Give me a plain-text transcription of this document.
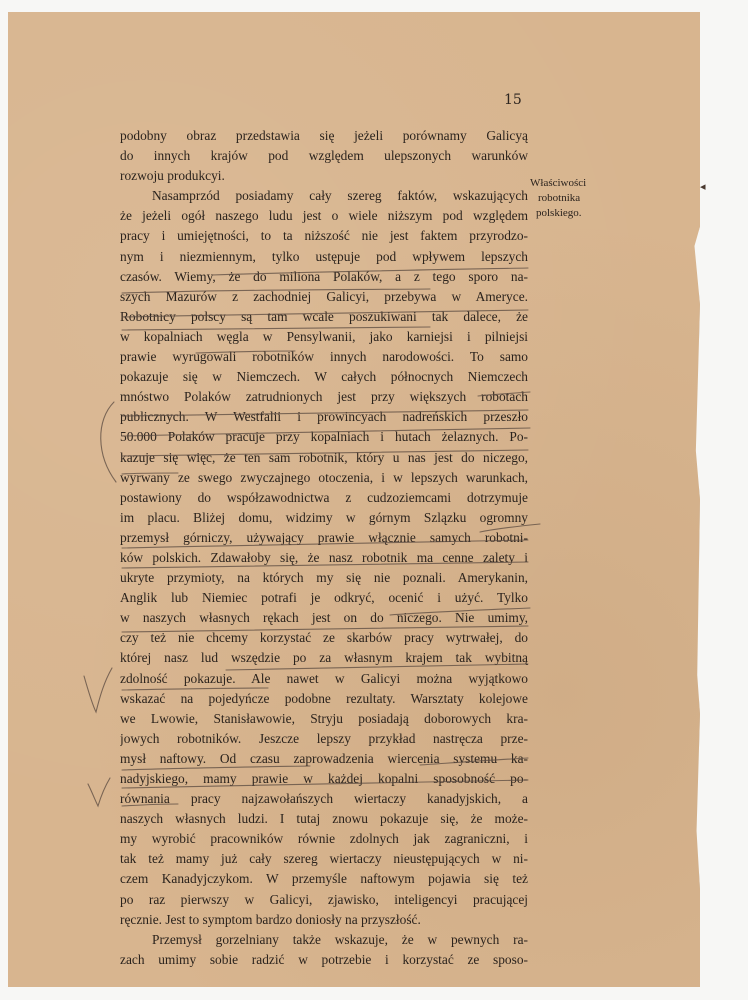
15
Właściwości
robotnika
polskiego.
podobny obraz przedstawia się jeżeli porównamy Galicyą
do innych krajów pod względem ulepszonych warunków
rozwoju produkcyi.
Nasamprzód posiadamy cały szereg faktów, wskazujących
że jeżeli ogół naszego ludu jest o wiele niższym pod względem
pracy i umiejętności, to ta niższość nie jest faktem przyrodzo-
nym i niezmiennym, tylko ustępuje pod wpływem lepszych
czasów. Wiemy, że do miliona Polaków, a z tego sporo na-
szych Mazurów z zachodniej Galicyi, przebywa w Ameryce.
Robotnicy polscy są tam wcale poszukiwani tak dalece, że
w kopalniach węgla w Pensylwanii, jako karniejsi i pilniejsi
prawie wyrugowali robotników innych narodowości. To samo
pokazuje się w Niemczech. W całych północnych Niemczech
mnóstwo Polaków zatrudnionych jest przy większych robotach
publicznych. W Westfalii i prowincyach nadreńskich przeszło
50.000 Polaków pracuje przy kopalniach i hutach żelaznych. Po-
kazuje się więc, że ten sam robotnik, który u nas jest do niczego,
wyrwany ze swego zwyczajnego otoczenia, i w lepszych warunkach,
postawiony do współzawodnictwa z cudzoziemcami dotrzymuje
im placu. Bliżej domu, widzimy w górnym Szlązku ogromny
przemysł górniczy, używający prawie włącznie samych robotni-
ków polskich. Zdawałoby się, że nasz robotnik ma cenne zalety i
ukryte przymioty, na których my się nie poznali. Amerykanin,
Anglik lub Niemiec potrafi je odkryć, ocenić i użyć. Tylko
w naszych własnych rękach jest on do niczego. Nie umimy,
czy też nie chcemy korzystać ze skarbów pracy wytrwałej, do
której nasz lud wszędzie po za własnym krajem tak wybitną
zdolność pokazuje. Ale nawet w Galicyi można wyjątkowo
wskazać na pojedyńcze podobne rezultaty. Warsztaty kolejowe
we Lwowie, Stanisławowie, Stryju posiadają doborowych kra-
jowych robotników. Jeszcze lepszy przykład nastręcza prze-
mysł naftowy. Od czasu zaprowadzenia wiercenia systemu ka-
nadyjskiego, mamy prawie w każdej kopalni sposobność po-
równania pracy najzawołańszych wiertaczy kanadyjskich, a
naszych własnych ludzi. I tutaj znowu pokazuje się, że może-
my wyrobić pracowników równie zdolnych jak zagraniczni, i
tak też mamy już cały szereg wiertaczy nieustępujących w ni-
czem Kanadyjczykom. W przemyśle naftowym pojawia się też
po raz pierwszy w Galicyi, zjawisko, inteligencyi pracującej
ręcznie. Jest to symptom bardzo doniosły na przyszłość.
Przemysł gorzelniany także wskazuje, że w pewnych ra-
zach umimy sobie radzić w potrzebie i korzystać ze sposo-
◂
